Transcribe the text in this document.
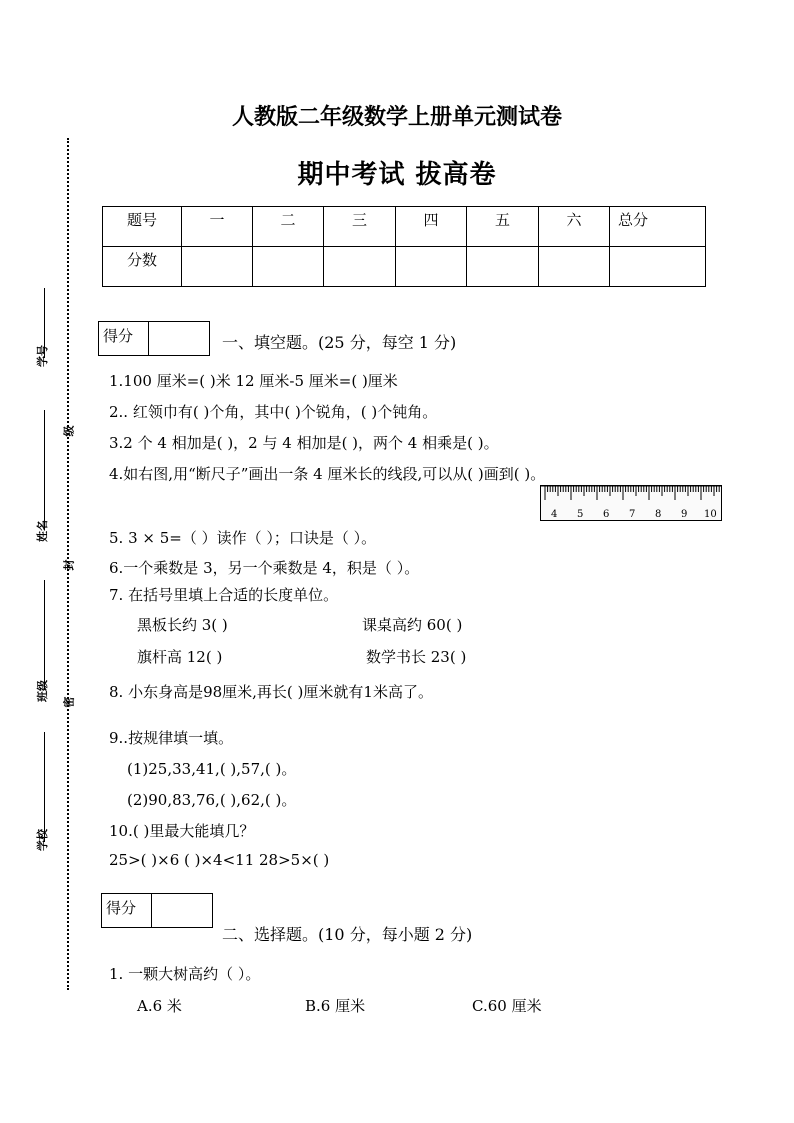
学号
姓名
班级
学校
级
封
密
人教版二年级数学上册单元测试卷
期中考试 拔高卷
题号	一	二	三	四	五	六	总分
分数							
得分	一、填空题。(25 分，每空 1 分)
1.100 厘米=( )米 12 厘米-5 厘米=( )厘米
2.. 红领巾有( )个角，其中( )个锐角，( )个钝角。
3.2 个 4 相加是( )，2 与 4 相加是( )，两个 4 相乘是( )。
4.如右图,用“断尺子”画出一条 4 厘米长的线段,可以从( )画到( )。
4 5 6 7 8 9 10
5. 3 × 5=（ ）读作（ ）；口诀是（ ）。
6.一个乘数是 3，另一个乘数是 4，积是（ ）。
7. 在括号里填上合适的长度单位。
黑板长约 3( )	课桌高约 60( )
旗杆高 12( )	数学书长 23( )
8. 小东身高是98厘米,再长( )厘米就有1米高了。
9..按规律填一填。
(1)25,33,41,( ),57,( )。
(2)90,83,76,( ),62,( )。
10.( )里最大能填几？
25>( )×6 ( )×4<11 28>5×( )
得分
二、选择题。(10 分，每小题 2 分)
1. 一颗大树高约（ ）。
A.6 米	B.6 厘米	C.60 厘米
